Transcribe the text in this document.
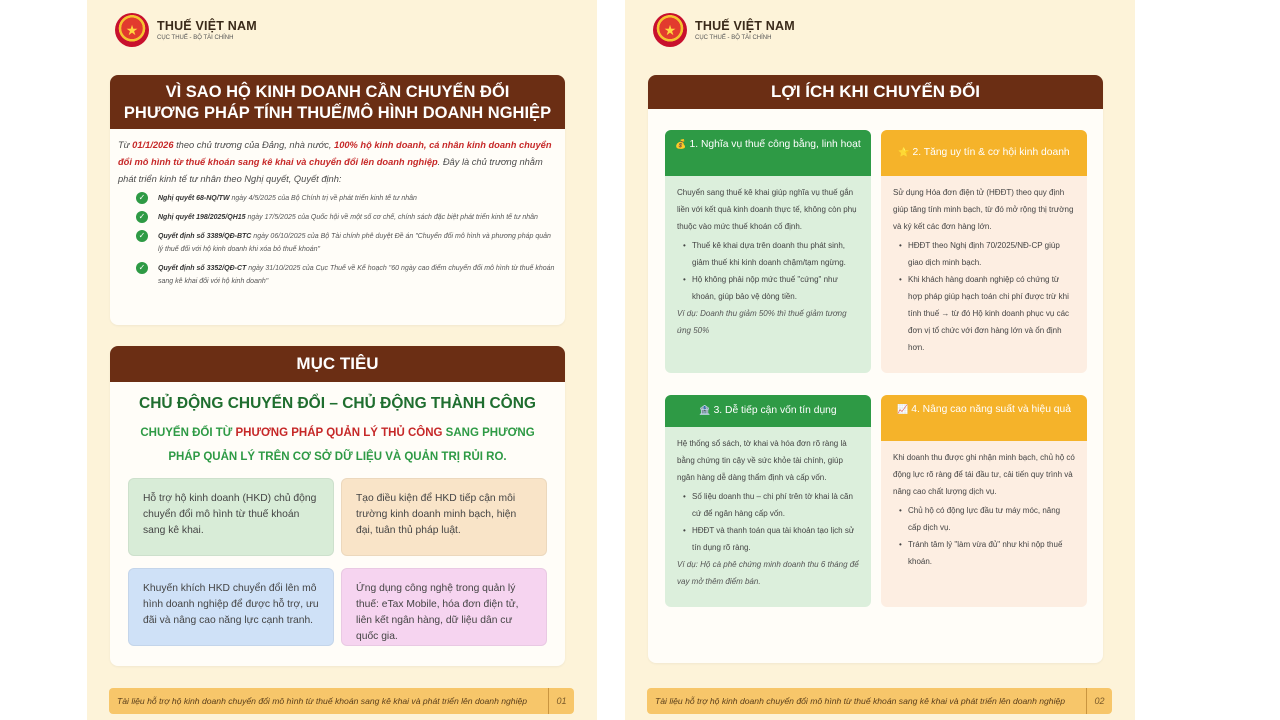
★ THUẾ VIỆT NAM
CỤC THUẾ - BỘ TÀI CHÍNH
VÌ SAO HỘ KINH DOANH CẦN CHUYỂN ĐỔI
PHƯƠNG PHÁP TÍNH THUẾ/MÔ HÌNH DOANH NGHIỆP
Từ 01/1/2026 theo chủ trương của Đảng, nhà nước, 100% hộ kinh doanh, cá nhân kinh doanh chuyển đổi mô hình từ thuế khoán sang kê khai và chuyển đổi lên doanh nghiệp. Đây là chủ trương nhằm phát triển kinh tế tư nhân theo Nghị quyết, Quyết định:
✓	Nghị quyết 68-NQ/TW ngày 4/5/2025 của Bộ Chính trị về phát triển kinh tế tư nhân
✓	Nghị quyết 198/2025/QH15 ngày 17/5/2025 của Quốc hội về một số cơ chế, chính sách đặc biệt phát triển kinh tế tư nhân
✓	Quyết định số 3389/QĐ-BTC ngày 06/10/2025 của Bộ Tài chính phê duyệt Đề án "Chuyển đổi mô hình và phương pháp quản lý thuế đối với hộ kinh doanh khi xóa bỏ thuế khoán"
✓	Quyết định số 3352/QĐ-CT ngày 31/10/2025 của Cục Thuế về Kế hoạch "60 ngày cao điểm chuyển đổi mô hình từ thuế khoán sang kê khai đối với hộ kinh doanh"
MỤC TIÊU
CHỦ ĐỘNG CHUYỂN ĐỔI – CHỦ ĐỘNG THÀNH CÔNG
CHUYỂN ĐỔI TỪ PHƯƠNG PHÁP QUẢN LÝ THỦ CÔNG SANG PHƯƠNG PHÁP QUẢN LÝ TRÊN CƠ SỞ DỮ LIỆU VÀ QUẢN TRỊ RỦI RO.
Hỗ trợ hộ kinh doanh (HKD) chủ động chuyển đổi mô hình từ thuế khoán sang kê khai.
Tạo điều kiện để HKD tiếp cận môi trường kinh doanh minh bạch, hiện đại, tuân thủ pháp luật.
Khuyến khích HKD chuyển đổi lên mô hình doanh nghiệp để được hỗ trợ, ưu đãi và nâng cao năng lực cạnh tranh.
Ứng dụng công nghệ trong quản lý thuế: eTax Mobile, hóa đơn điện tử, liên kết ngân hàng, dữ liệu dân cư quốc gia.
Tài liệu hỗ trợ hộ kinh doanh chuyển đổi mô hình từ thuế khoán sang kê khai và phát triển lên doanh nghiệp	01
★ THUẾ VIỆT NAM
CỤC THUẾ - BỘ TÀI CHÍNH
LỢI ÍCH KHI CHUYỂN ĐỔI
💰 1. Nghĩa vụ thuế công bằng, linh hoạt
Chuyển sang thuế kê khai giúp nghĩa vụ thuế gắn liền với kết quả kinh doanh thực tế, không còn phụ thuộc vào mức thuế khoán cố định.
• Thuế kê khai dựa trên doanh thu phát sinh, giảm thuế khi kinh doanh chậm/tạm ngừng.
• Hộ không phải nộp mức thuế "cứng" như khoán, giúp bảo vệ dòng tiền.
Ví dụ: Doanh thu giảm 50% thì thuế giảm tương ứng 50%
⭐ 2. Tăng uy tín & cơ hội kinh doanh
Sử dụng Hóa đơn điện tử (HĐĐT) theo quy định giúp tăng tính minh bạch, từ đó mở rộng thị trường và ký kết các đơn hàng lớn.
• HĐĐT theo Nghị định 70/2025/NĐ-CP giúp giao dịch minh bạch.
• Khi khách hàng doanh nghiệp có chứng từ hợp pháp giúp hạch toán chi phí được trừ khi tính thuế → từ đó Hộ kinh doanh phục vụ các đơn vị tổ chức với đơn hàng lớn và ổn định hơn.
🏦 3. Dễ tiếp cận vốn tín dụng
Hệ thống sổ sách, tờ khai và hóa đơn rõ ràng là bằng chứng tin cậy về sức khỏe tài chính, giúp ngân hàng dễ dàng thẩm định và cấp vốn.
• Số liệu doanh thu – chi phí trên tờ khai là căn cứ để ngân hàng cấp vốn.
• HĐĐT và thanh toán qua tài khoản tạo lịch sử tín dụng rõ ràng.
Ví dụ: Hộ cà phê chứng minh doanh thu 6 tháng để vay mở thêm điểm bán.
📈 4. Nâng cao năng suất và hiệu quả
Khi doanh thu được ghi nhận minh bạch, chủ hộ có động lực rõ ràng để tái đầu tư, cải tiến quy trình và nâng cao chất lượng dịch vụ.
• Chủ hộ có động lực đầu tư máy móc, nâng cấp dịch vụ.
• Tránh tâm lý "làm vừa đủ" như khi nộp thuế khoán.
Tài liệu hỗ trợ hộ kinh doanh chuyển đổi mô hình từ thuế khoán sang kê khai và phát triển lên doanh nghiệp	02
